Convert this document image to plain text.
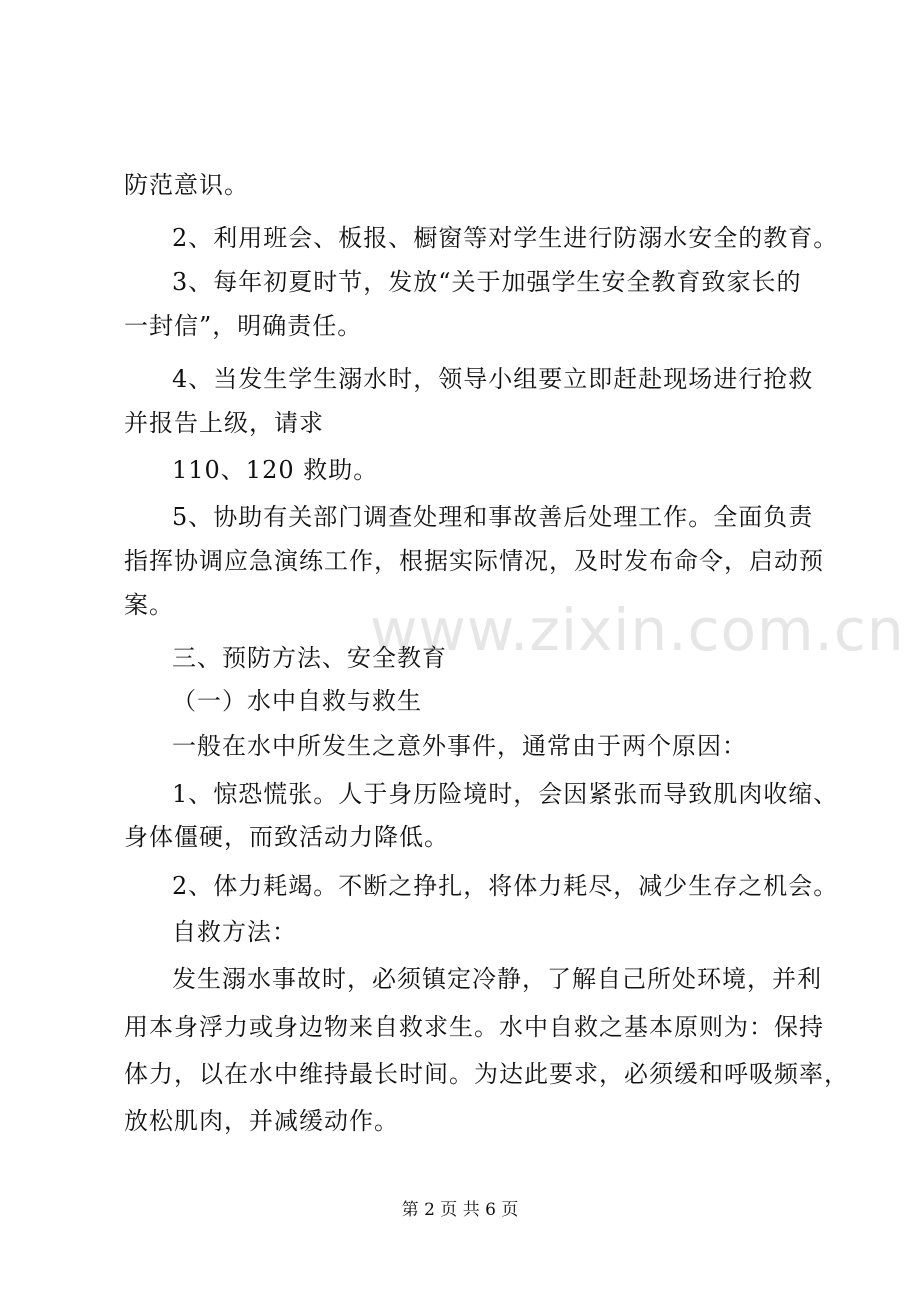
www.zixin.com.cn
防范意识。
2、利用班会、板报、橱窗等对学生进行防溺水安全的教育。
3、每年初夏时节，发放“关于加强学生安全教育致家长的
一封信”，明确责任。
4、当发生学生溺水时，领导小组要立即赶赴现场进行抢救
并报告上级，请求
110、120 救助。
5、协助有关部门调查处理和事故善后处理工作。全面负责
指挥协调应急演练工作，根据实际情况，及时发布命令，启动预
案。
三、预防方法、安全教育
（一）水中自救与救生
一般在水中所发生之意外事件，通常由于两个原因：
1、惊恐慌张。人于身历险境时，会因紧张而导致肌肉收缩、
身体僵硬，而致活动力降低。
2、体力耗竭。不断之挣扎，将体力耗尽，减少生存之机会。
自救方法：
发生溺水事故时，必须镇定冷静，了解自己所处环境，并利
用本身浮力或身边物来自救求生。水中自救之基本原则为：保持
体力，以在水中维持最长时间。为达此要求，必须缓和呼吸频率，
放松肌肉，并减缓动作。
第 2 页 共 6 页
